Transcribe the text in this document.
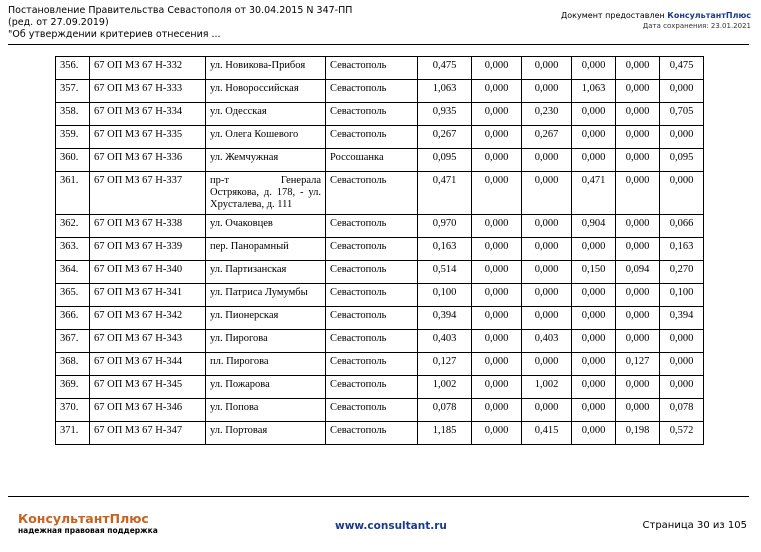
Постановление Правительства Севастополя от 30.04.2015 N 347-ПП
(ред. от 27.09.2019)
"Об утверждении критериев отнесения ...
Документ предоставлен КонсультантПлюс
Дата сохранения: 23.01.2021
356.	67 ОП МЗ 67 Н-332	ул. Новикова-Прибоя	Севастополь	0,475	0,000	0,000	0,000	0,000	0,475
357.	67 ОП МЗ 67 Н-333	ул. Новороссийская	Севастополь	1,063	0,000	0,000	1,063	0,000	0,000
358.	67 ОП МЗ 67 Н-334	ул. Одесская	Севастополь	0,935	0,000	0,230	0,000	0,000	0,705
359.	67 ОП МЗ 67 Н-335	ул. Олега Кошевого	Севастополь	0,267	0,000	0,267	0,000	0,000	0,000
360.	67 ОП МЗ 67 Н-336	ул. Жемчужная	Россошанка	0,095	0,000	0,000	0,000	0,000	0,095
361.	67 ОП МЗ 67 Н-337	пр-т Генерала Острякова, д. 178, - ул. Хрусталева, д. 111	Севастополь	0,471	0,000	0,000	0,471	0,000	0,000
362.	67 ОП МЗ 67 Н-338	ул. Очаковцев	Севастополь	0,970	0,000	0,000	0,904	0,000	0,066
363.	67 ОП МЗ 67 Н-339	пер. Панорамный	Севастополь	0,163	0,000	0,000	0,000	0,000	0,163
364.	67 ОП МЗ 67 Н-340	ул. Партизанская	Севастополь	0,514	0,000	0,000	0,150	0,094	0,270
365.	67 ОП МЗ 67 Н-341	ул. Патриса Лумумбы	Севастополь	0,100	0,000	0,000	0,000	0,000	0,100
366.	67 ОП МЗ 67 Н-342	ул. Пионерская	Севастополь	0,394	0,000	0,000	0,000	0,000	0,394
367.	67 ОП МЗ 67 Н-343	ул. Пирогова	Севастополь	0,403	0,000	0,403	0,000	0,000	0,000
368.	67 ОП МЗ 67 Н-344	пл. Пирогова	Севастополь	0,127	0,000	0,000	0,000	0,127	0,000
369.	67 ОП МЗ 67 Н-345	ул. Пожарова	Севастополь	1,002	0,000	1,002	0,000	0,000	0,000
370.	67 ОП МЗ 67 Н-346	ул. Попова	Севастополь	0,078	0,000	0,000	0,000	0,000	0,078
371.	67 ОП МЗ 67 Н-347	ул. Портовая	Севастополь	1,185	0,000	0,415	0,000	0,198	0,572
КонсультантПлюс
надежная правовая поддержка	www.consultant.ru	Страница 30 из 105
